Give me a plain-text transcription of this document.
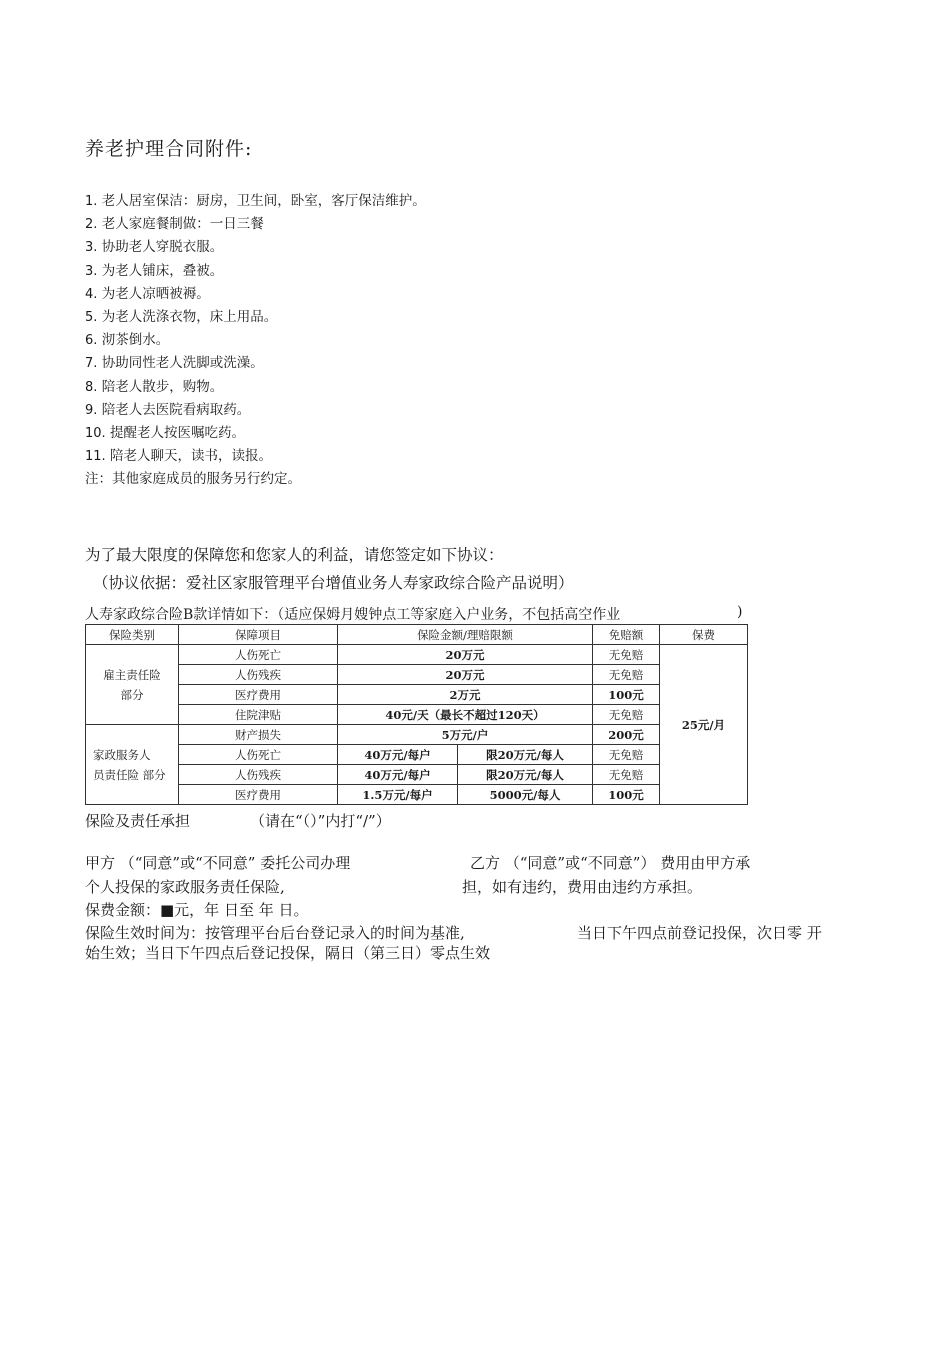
养老护理合同附件:
1. 老人居室保洁：厨房，卫生间，卧室，客厅保洁维护。
2. 老人家庭餐制做：一日三餐
3. 协助老人穿脱衣服。
3. 为老人铺床，叠被。
4. 为老人凉晒被褥。
5. 为老人洗涤衣物，床上用品。
6. 沏茶倒水。
7. 协助同性老人洗脚或洗澡。
8. 陪老人散步，购物。
9. 陪老人去医院看病取药。
10. 提醒老人按医嘱吃药。
11. 陪老人聊天，读书，读报。
注：其他家庭成员的服务另行约定。
为了最大限度的保障您和您家人的利益，请您签定如下协议：
（协议依据：爱社区家服管理平台增值业务人寿家政综合险产品说明）
人寿家政综合险B款详情如下：（适应保姆月嫂钟点工等家庭入户业务，不包括高空作业	)
保险类别	保障项目	保险金额/理赔限额		免赔额	保费
雇主责任险
部分	人伤死亡	20万元		无免赔	25元/月
	人伤残疾	20万元		无免赔	
	医疗费用	2万元		100元	
	住院津贴	40元/天（最长不超过120天）		无免赔	
家政服务人
员责任险 部分	财产损失	5万元/户		200元	
	人伤死亡	40万元/每户	限20万元/每人	无免赔	
	人伤残疾	40万元/每户	限20万元/每人	无免赔	
	医疗费用	1.5万元/每户	5000元/每人	100元	
保险及责任承担	（请在“（）”内打“/”）
甲方 （“同意”或“不同意” 委托公司办理	乙方 （“同意”或“不同意”） 费用由甲方承
个人投保的家政服务责任保险,	担，如有违约，费用由违约方承担。
保费金额：■元，年 日至 年 日。
保险生效时间为：按管理平台后台登记录入的时间为基准,	当日下午四点前登记投保，次日零 开
始生效；当日下午四点后登记投保，隔日（第三日）零点生效
